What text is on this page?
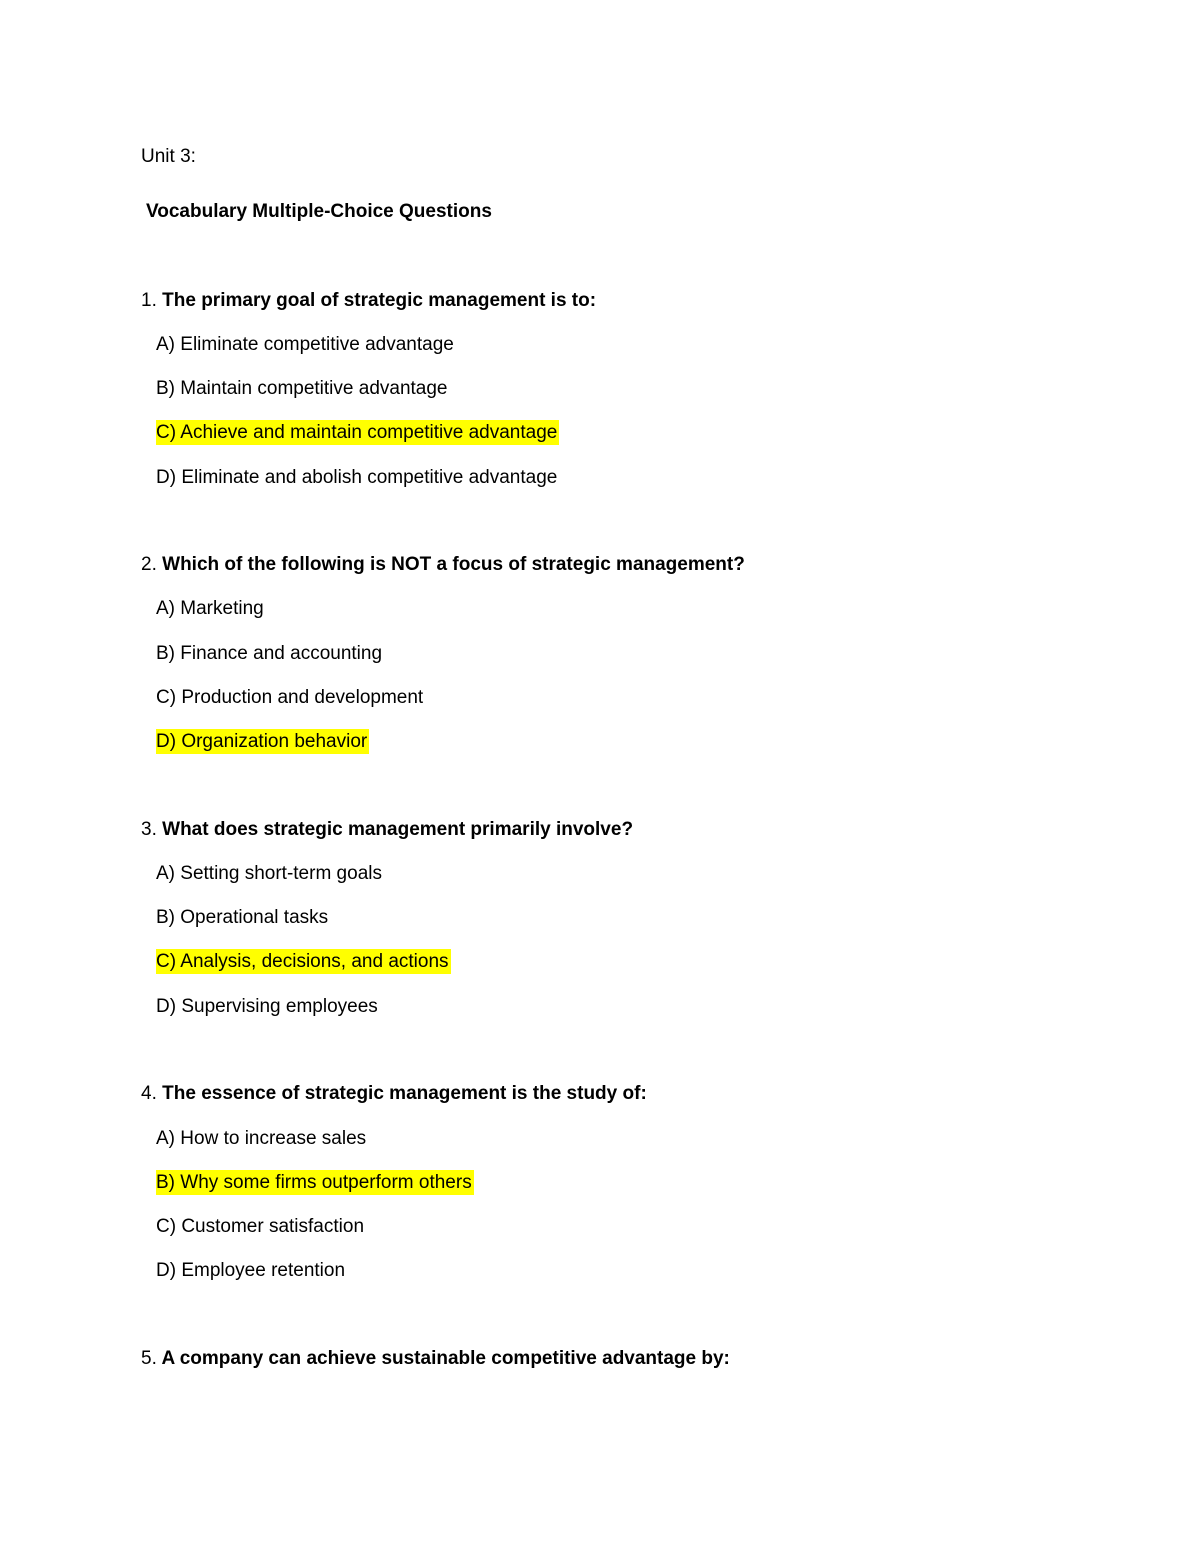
Unit 3:
Vocabulary Multiple-Choice Questions
1. The primary goal of strategic management is to:
A) Eliminate competitive advantage
B) Maintain competitive advantage
C) Achieve and maintain competitive advantage
D) Eliminate and abolish competitive advantage
2. Which of the following is NOT a focus of strategic management?
A) Marketing
B) Finance and accounting
C) Production and development
D) Organization behavior
3. What does strategic management primarily involve?
A) Setting short-term goals
B) Operational tasks
C) Analysis, decisions, and actions
D) Supervising employees
4. The essence of strategic management is the study of:
A) How to increase sales
B) Why some firms outperform others
C) Customer satisfaction
D) Employee retention
5. A company can achieve sustainable competitive advantage by:
